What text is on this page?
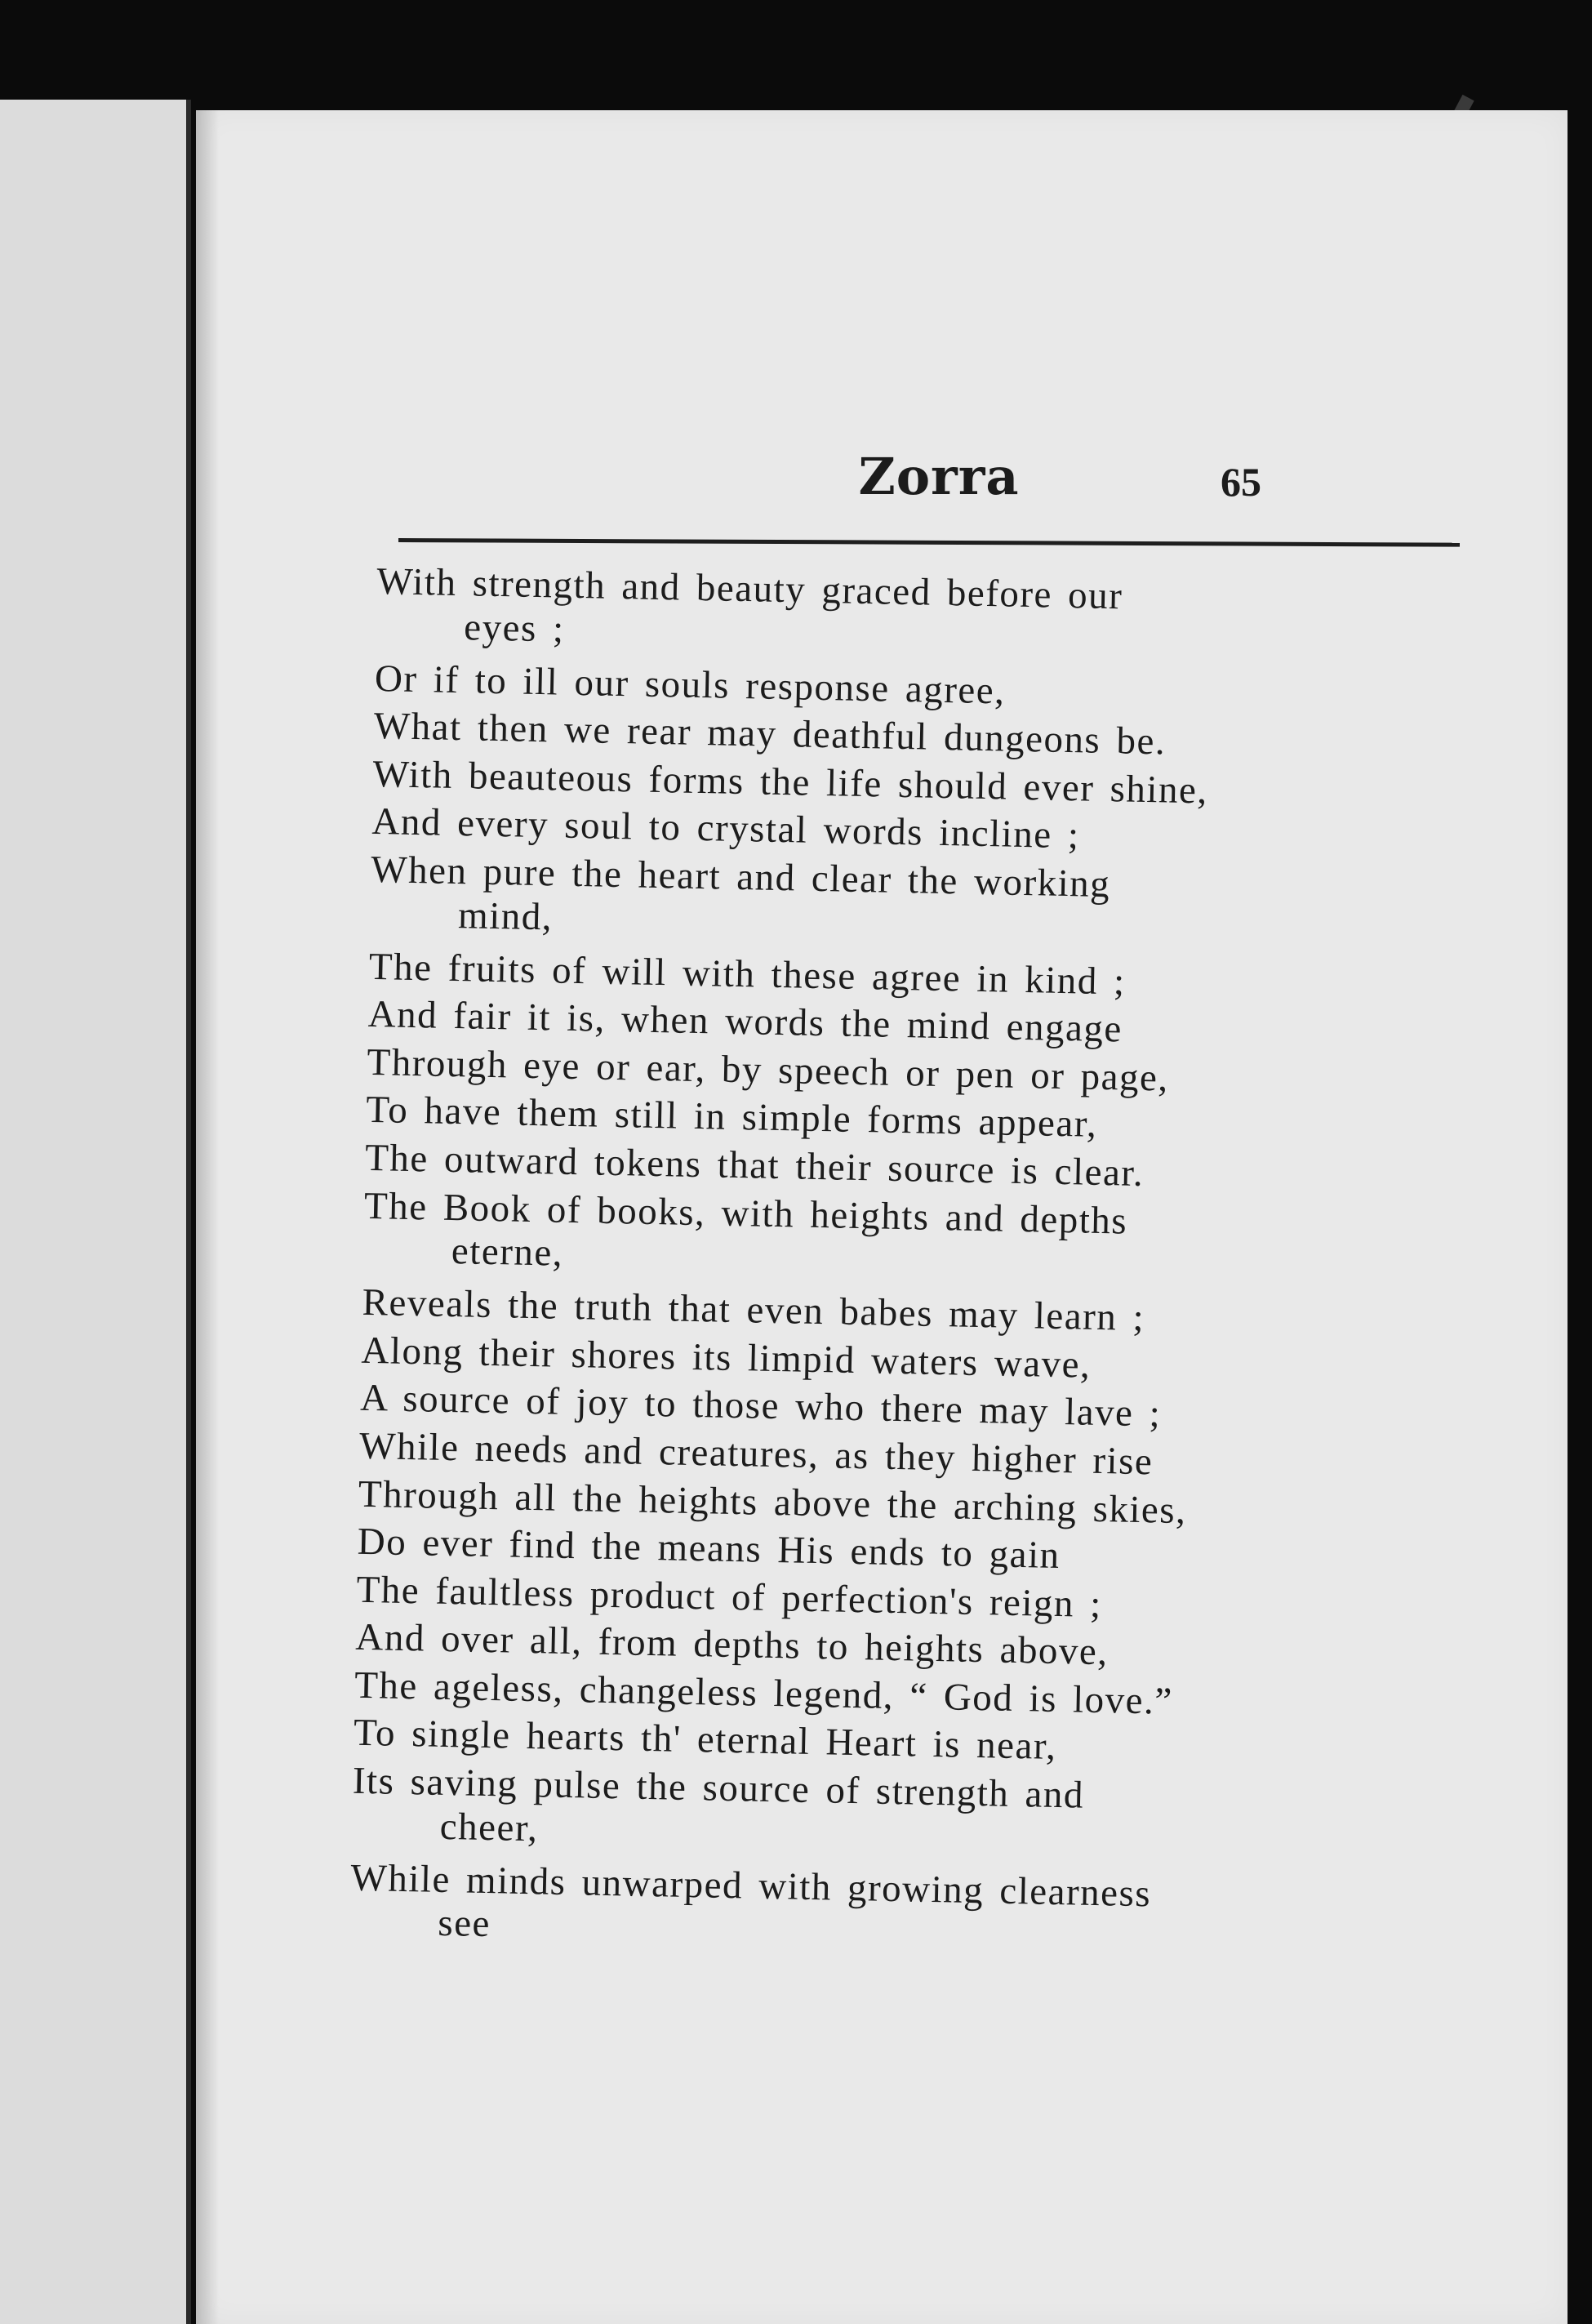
Zorra	65
With strength and beauty graced before our
eyes ;
Or if to ill our souls response agree,
What then we rear may deathful dungeons be.
With beauteous forms the life should ever shine,
And every soul to crystal words incline ;
When pure the heart and clear the working
mind,
The fruits of will with these agree in kind ;
And fair it is, when words the mind engage
Through eye or ear, by speech or pen or page,
To have them still in simple forms appear,
The outward tokens that their source is clear.
The Book of books, with heights and depths
eterne,
Reveals the truth that even babes may learn ;
Along their shores its limpid waters wave,
A source of joy to those who there may lave ;
While needs and creatures, as they higher rise
Through all the heights above the arching skies,
Do ever find the means His ends to gain
The faultless product of perfection's reign ;
And over all, from depths to heights above,
The ageless, changeless legend, “ God is love.”
To single hearts th' eternal Heart is near,
Its saving pulse the source of strength and
cheer,
While minds unwarped with growing clearness
see
